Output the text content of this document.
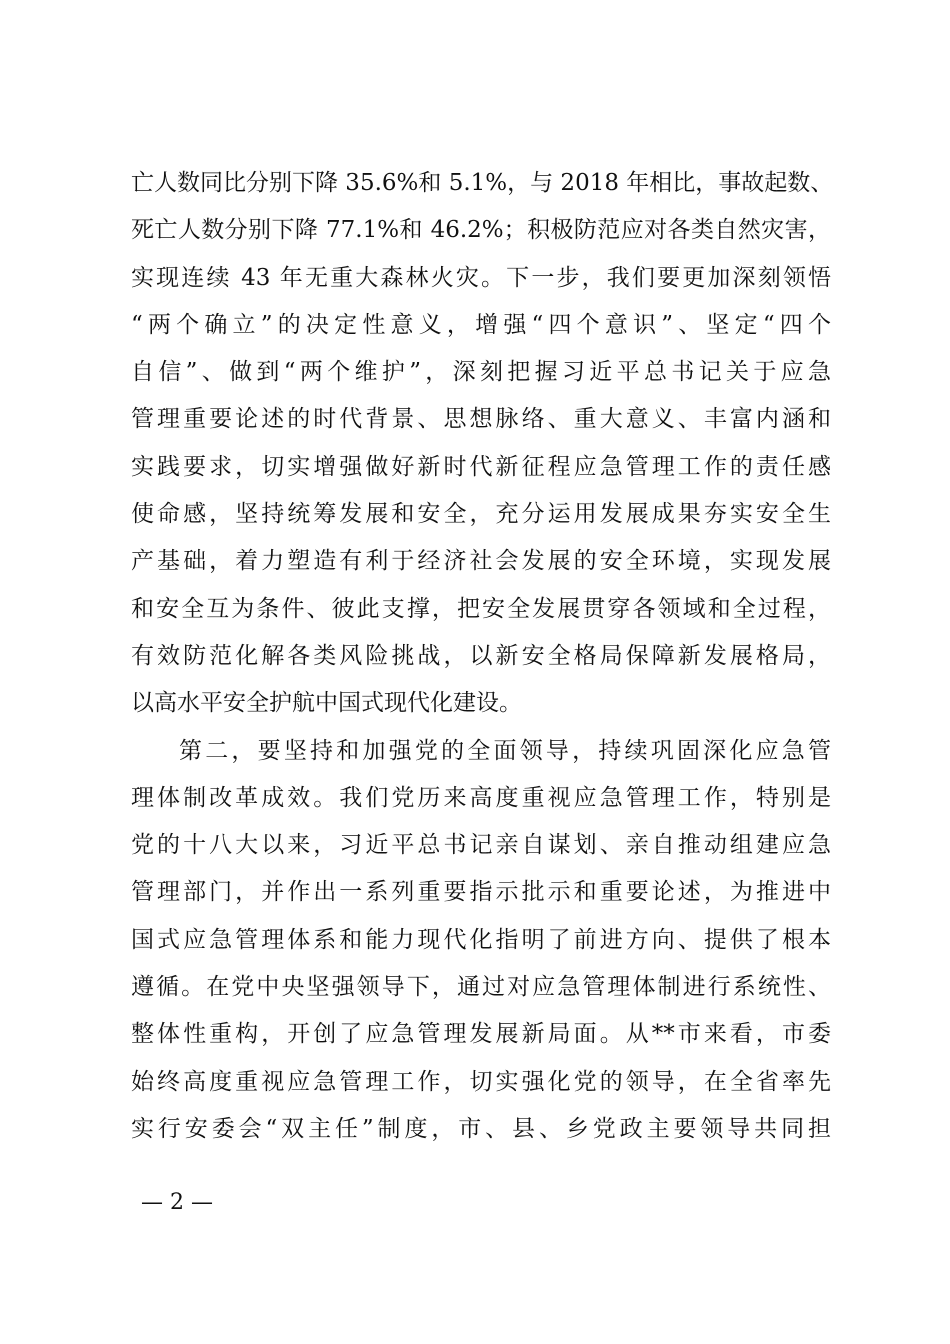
亡人数同比分别下降 35.6%和 5.1%，与 2018 年相比，事故起数、
死亡人数分别下降 77.1%和 46.2%；积极防范应对各类自然灾害，
实现连续 43 年无重大森林火灾。下一步，我们要更加深刻领悟
“两个确立”的决定性意义，增强“四个意识”、坚定“四个
自信”、做到“两个维护”，深刻把握习近平总书记关于应急
管理重要论述的时代背景、思想脉络、重大意义、丰富内涵和
实践要求，切实增强做好新时代新征程应急管理工作的责任感
使命感，坚持统筹发展和安全，充分运用发展成果夯实安全生
产基础，着力塑造有利于经济社会发展的安全环境，实现发展
和安全互为条件、彼此支撑，把安全发展贯穿各领域和全过程，
有效防范化解各类风险挑战，以新安全格局保障新发展格局，
以高水平安全护航中国式现代化建设。
第二，要坚持和加强党的全面领导，持续巩固深化应急管
理体制改革成效。我们党历来高度重视应急管理工作，特别是
党的十八大以来，习近平总书记亲自谋划、亲自推动组建应急
管理部门，并作出一系列重要指示批示和重要论述，为推进中
国式应急管理体系和能力现代化指明了前进方向、提供了根本
遵循。在党中央坚强领导下，通过对应急管理体制进行系统性、
整体性重构，开创了应急管理发展新局面。从**市来看，市委
始终高度重视应急管理工作，切实强化党的领导，在全省率先
实行安委会“双主任”制度，市、县、乡党政主要领导共同担
— 2 —
